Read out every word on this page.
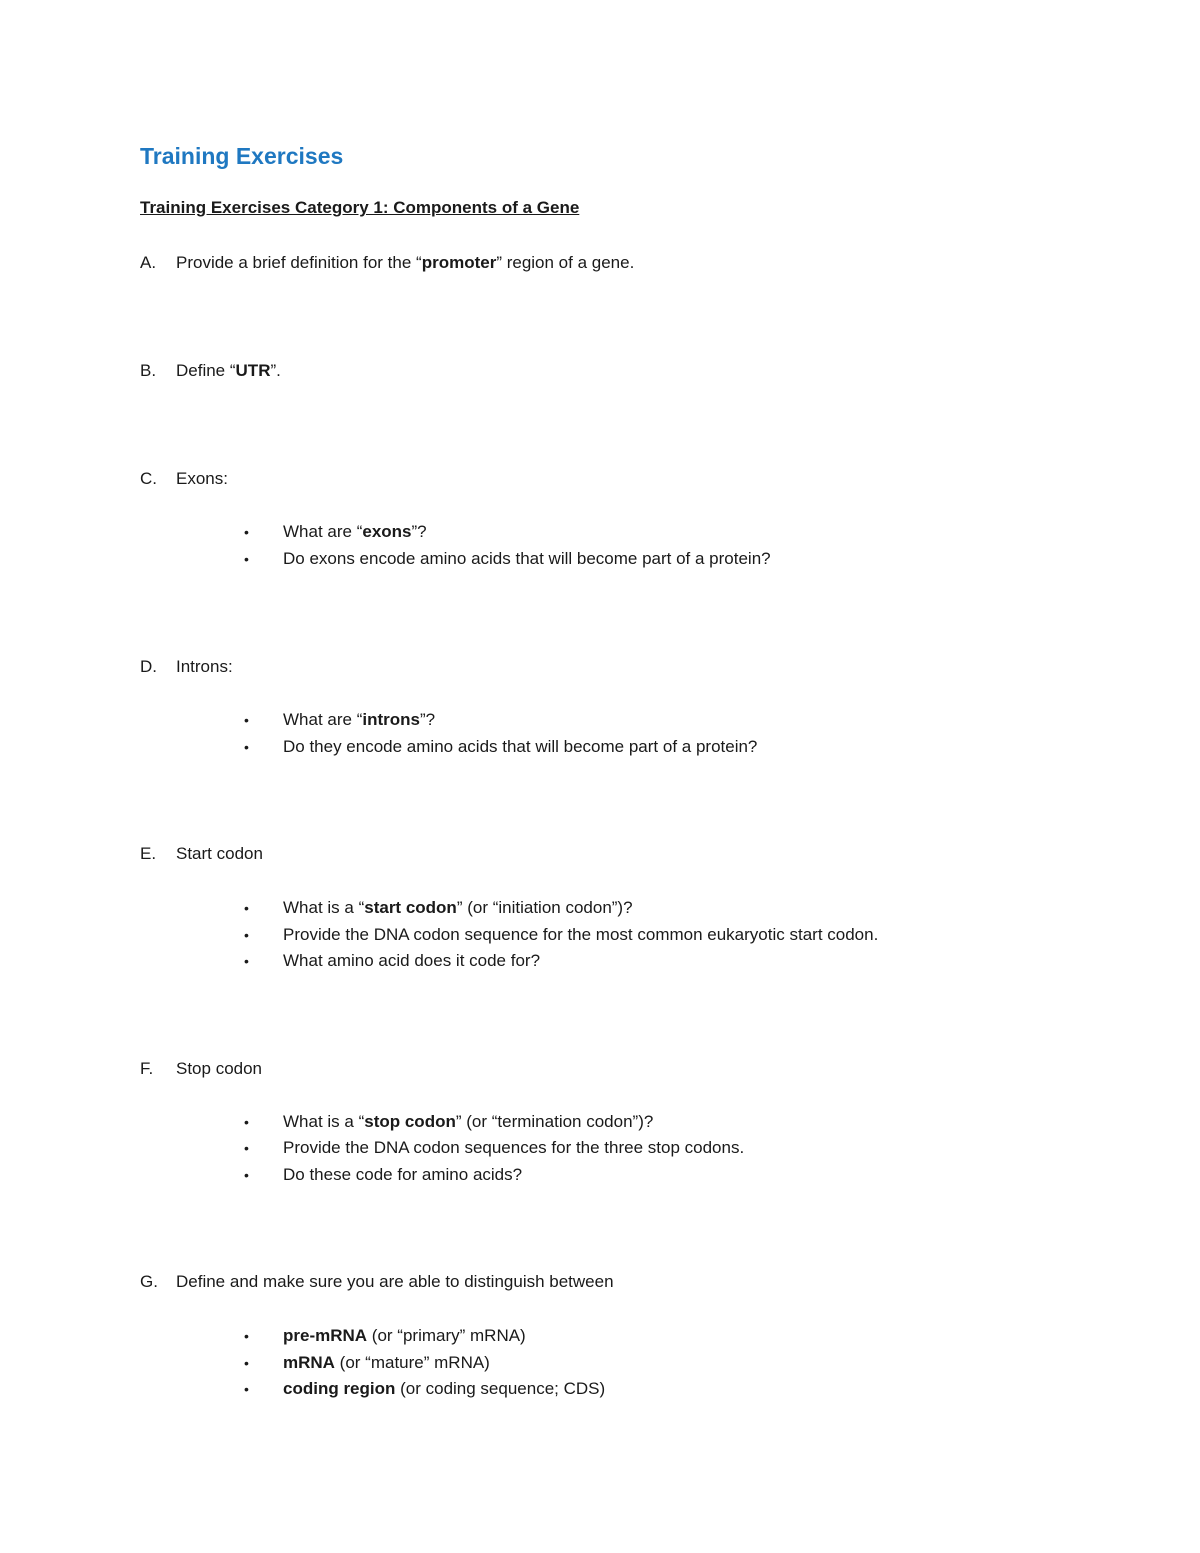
Training Exercises
Training Exercises Category 1: Components of a Gene
A. Provide a brief definition for the “promoter” region of a gene.
B. Define “UTR”.
C. Exons:
• What are “exons”?
• Do exons encode amino acids that will become part of a protein?
D. Introns:
• What are “introns”?
• Do they encode amino acids that will become part of a protein?
E. Start codon
• What is a “start codon” (or “initiation codon”)?
• Provide the DNA codon sequence for the most common eukaryotic start codon.
• What amino acid does it code for?
F. Stop codon
• What is a “stop codon” (or “termination codon”)?
• Provide the DNA codon sequences for the three stop codons.
• Do these code for amino acids?
G. Define and make sure you are able to distinguish between
• pre-mRNA (or “primary” mRNA)
• mRNA (or “mature” mRNA)
• coding region (or coding sequence; CDS)
